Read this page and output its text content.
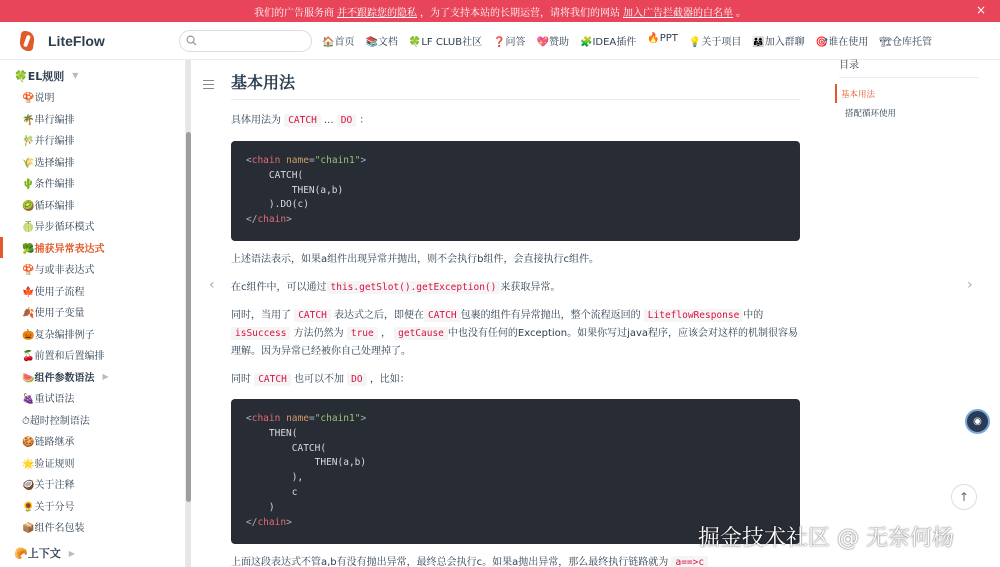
我们的广告服务商 并不跟踪您的隐私 ，为了支持本站的长期运营，请将我们的网站 加入广告拦截器的白名单 。	×
LiteFlow	🏠首页 📚文档 🍀LF CLUB社区 ❓问答 💖赞助 🧩IDEA插件 🔥PPT 💡关于项目 👨‍👩‍👧加入群聊 🎯谁在使用 🏗仓库托管
🍀EL规则 ▼
🍄说明
🌴串行编排
🎋并行编排
🌾选择编排
🌵条件编排
🥝循环编排
🍈异步循环模式
🥦捕获异常表达式
🍄与或非表达式
🍁使用子流程
🍂使用子变量
🎃复杂编排例子
🍒前置和后置编排
🍉组件参数语法 ▶
🍇重试语法
⏱超时控制语法
🍪链路继承
🌟验证规则
🥥关于注释
🌻关于分号
📦组件名包装
🥐上下文 ▶
基本用法
具体用法为 CATCH ... DO ：
<chain name="chain1">
CATCH(
THEN(a,b)
).DO(c)
</chain>
上述语法表示，如果a组件出现异常并抛出，则不会执行b组件，会直接执行c组件。
在c组件中，可以通过 this.getSlot().getException() 来获取异常。
同时，当用了 CATCH 表达式之后，即便在 CATCH 包裹的组件有异常抛出，整个流程返回的 LiteflowResponse 中的 isSuccess 方法仍然为 true ， getCause 中也没有任何的Exception。如果你写过java程序，应该会对这样的机制很容易理解。因为异常已经被你自己处理掉了。
同时 CATCH 也可以不加 DO ，比如：
<chain name="chain1">
THEN(
CATCH(
THEN(a,b)
),
c
)
</chain>
上面这段表达式不管a,b有没有抛出异常，最终总会执行c。如果a抛出异常，那么最终执行链路就为 a==>c
目录
基本用法
搭配循环使用
‹	›
◉
↑
掘金技术社区 @ 无奈何杨
